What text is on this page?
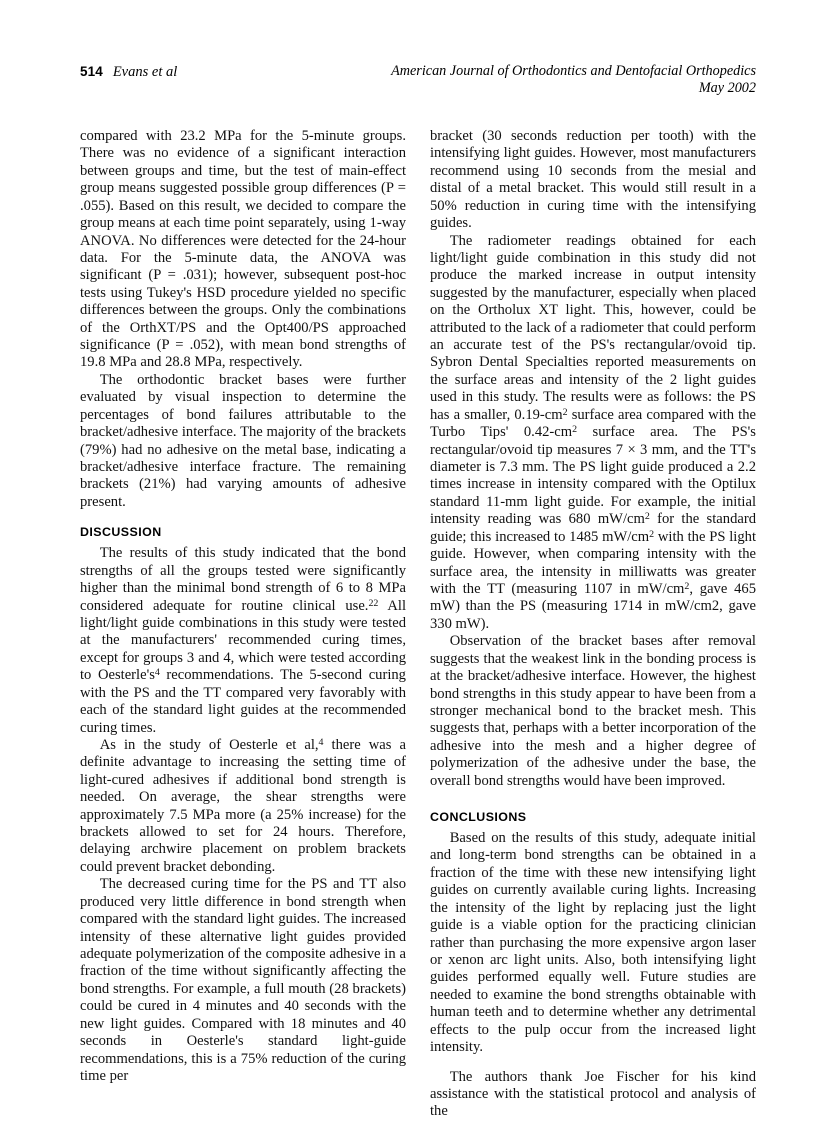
514 Evans et al	American Journal of Orthodontics and Dentofacial Orthopedics
May 2002

compared with 23.2 MPa for the 5-minute groups. There was no evidence of a significant interaction between groups and time, but the test of main-effect group means suggested possible group differences (P = .055). Based on this result, we decided to compare the group means at each time point separately, using 1-way ANOVA. No differences were detected for the 24-hour data. For the 5-minute data, the ANOVA was significant (P = .031); however, subsequent post-hoc tests using Tukey's HSD procedure yielded no specific differences between the groups. Only the combinations of the OrthXT/PS and the Opt400/PS approached significance (P = .052), with mean bond strengths of 19.8 MPa and 28.8 MPa, respectively.

The orthodontic bracket bases were further evaluated by visual inspection to determine the percentages of bond failures attributable to the bracket/adhesive interface. The majority of the brackets (79%) had no adhesive on the metal base, indicating a bracket/adhesive interface fracture. The remaining brackets (21%) had varying amounts of adhesive present.

DISCUSSION

The results of this study indicated that the bond strengths of all the groups tested were significantly higher than the minimal bond strength of 6 to 8 MPa considered adequate for routine clinical use.$^{22}$ All light/light guide combinations in this study were tested at the manufacturers' recommended curing times, except for groups 3 and 4, which were tested according to $Oesterle's^4$ recommendations. The 5-second curing with the PS and the TT compared very favorably with each of the standard light guides at the recommended curing times.

As in the study of Oesterle et al,$^4$ there was a definite advantage to increasing the setting time of light-cured adhesives if additional bond strength is needed. On average, the shear strengths were approximately 7.5 MPa more (a 25% increase) for the brackets allowed to set for 24 hours. Therefore, delaying archwire placement on problem brackets could prevent bracket debonding.

The decreased curing time for the PS and TT also produced very little difference in bond strength when compared with the standard light guides. The increased intensity of these alternative light guides provided adequate polymerization of the composite adhesive in a fraction of the time without significantly affecting the bond strengths. For example, a full mouth (28 brackets) could be cured in 4 minutes and 40 seconds with the new light guides. Compared with 18 minutes and 40 seconds in Oesterle's standard light-guide recommendations, this is a 75% reduction of the curing time per

bracket (30 seconds reduction per tooth) with the intensifying light guides. However, most manufacturers recommend using 10 seconds from the mesial and distal of a metal bracket. This would still result in a 50% reduction in curing time with the intensifying guides.

The radiometer readings obtained for each light/light guide combination in this study did not produce the marked increase in output intensity suggested by the manufacturer, especially when placed on the Ortholux XT light. This, however, could be attributed to the lack of a radiometer that could perform an accurate test of the PS's rectangular/ovoid tip. Sybron Dental Specialties reported measurements on the surface areas and intensity of the 2 light guides used in this study. The results were as follows: the PS has a smaller, $0.19-cm^2$ surface area compared with the Turbo Tips' $0.42-cm^2$ surface area. The PS's rectangular/ovoid tip measures 7 × 3 mm, and the TT's diameter is 7.3 mm. The PS light guide produced a 2.2 times increase in intensity compared with the Optilux standard 11-mm light guide. For example, the initial intensity reading was 680 $mW/cm^2$ for the standard guide; this increased to 1485 $mW/cm^2$ with the PS light guide. However, when comparing intensity with the surface area, the intensity in milliwatts was greater with the TT (measuring 1107 in $mW/cm^2$, gave 465 mW) than the PS (measuring 1714 in mW/cm2, gave 330 mW).

Observation of the bracket bases after removal suggests that the weakest link in the bonding process is at the bracket/adhesive interface. However, the highest bond strengths in this study appear to have been from a stronger mechanical bond to the bracket mesh. This suggests that, perhaps with a better incorporation of the adhesive into the mesh and a higher degree of polymerization of the adhesive under the base, the overall bond strengths would have been improved.

CONCLUSIONS

Based on the results of this study, adequate initial and long-term bond strengths can be obtained in a fraction of the time with these new intensifying light guides on currently available curing lights. Increasing the intensity of the light by replacing just the light guide is a viable option for the practicing clinician rather than purchasing the more expensive argon laser or xenon arc light units. Also, both intensifying light guides performed equally well. Future studies are needed to examine the bond strengths obtainable with human teeth and to determine whether any detrimental effects to the pulp occur from the increased light intensity.

The authors thank Joe Fischer for his kind assistance with the statistical protocol and analysis of the
